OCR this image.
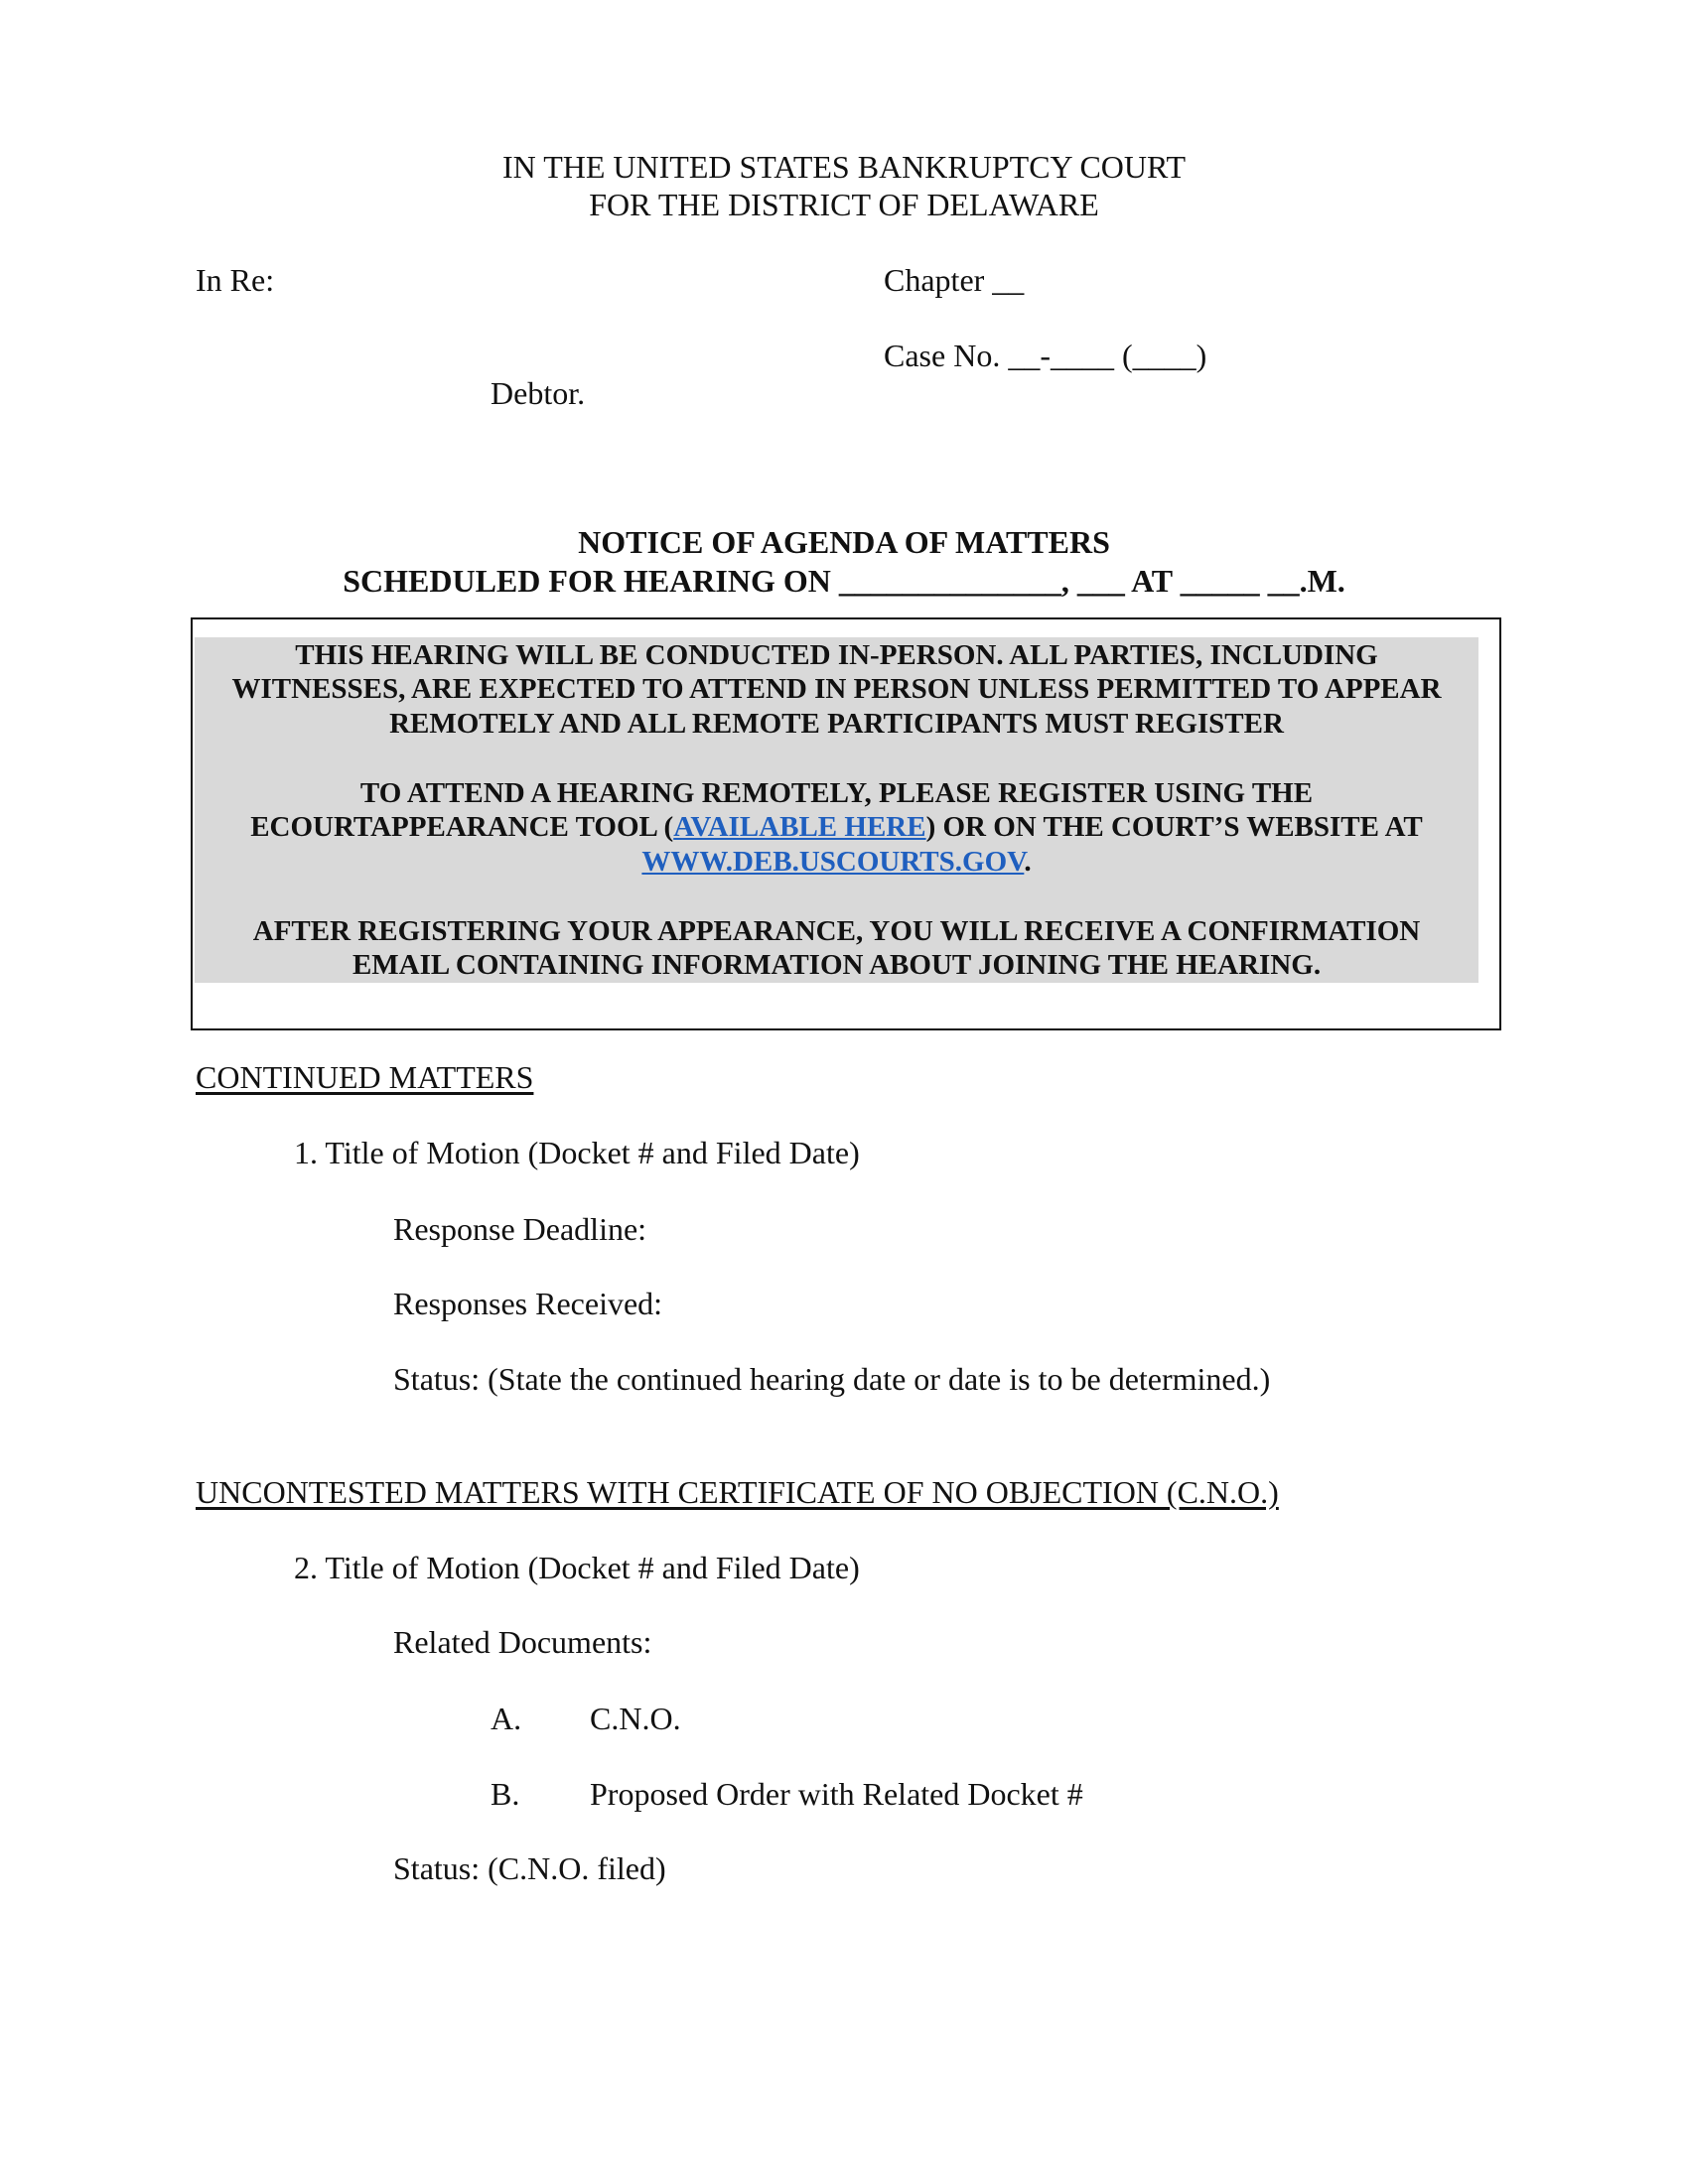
IN THE UNITED STATES BANKRUPTCY COURT
FOR THE DISTRICT OF DELAWARE
In Re:	Chapter __
Case No. __-____ (____)
Debtor.
NOTICE OF AGENDA OF MATTERS
SCHEDULED FOR HEARING ON ______________, ___ AT _____ __.M.
THIS HEARING WILL BE CONDUCTED IN-PERSON. ALL PARTIES, INCLUDING
WITNESSES, ARE EXPECTED TO ATTEND IN PERSON UNLESS PERMITTED TO APPEAR
REMOTELY AND ALL REMOTE PARTICIPANTS MUST REGISTER
TO ATTEND A HEARING REMOTELY, PLEASE REGISTER USING THE
ECOURTAPPEARANCE TOOL (AVAILABLE HERE) OR ON THE COURT’S WEBSITE AT
WWW.DEB.USCOURTS.GOV.
AFTER REGISTERING YOUR APPEARANCE, YOU WILL RECEIVE A CONFIRMATION
EMAIL CONTAINING INFORMATION ABOUT JOINING THE HEARING.
CONTINUED MATTERS
1. Title of Motion (Docket # and Filed Date)
Response Deadline:
Responses Received:
Status: (State the continued hearing date or date is to be determined.)
UNCONTESTED MATTERS WITH CERTIFICATE OF NO OBJECTION (C.N.O.)
2. Title of Motion (Docket # and Filed Date)
Related Documents:
A. C.N.O.
B. Proposed Order with Related Docket #
Status: (C.N.O. filed)
